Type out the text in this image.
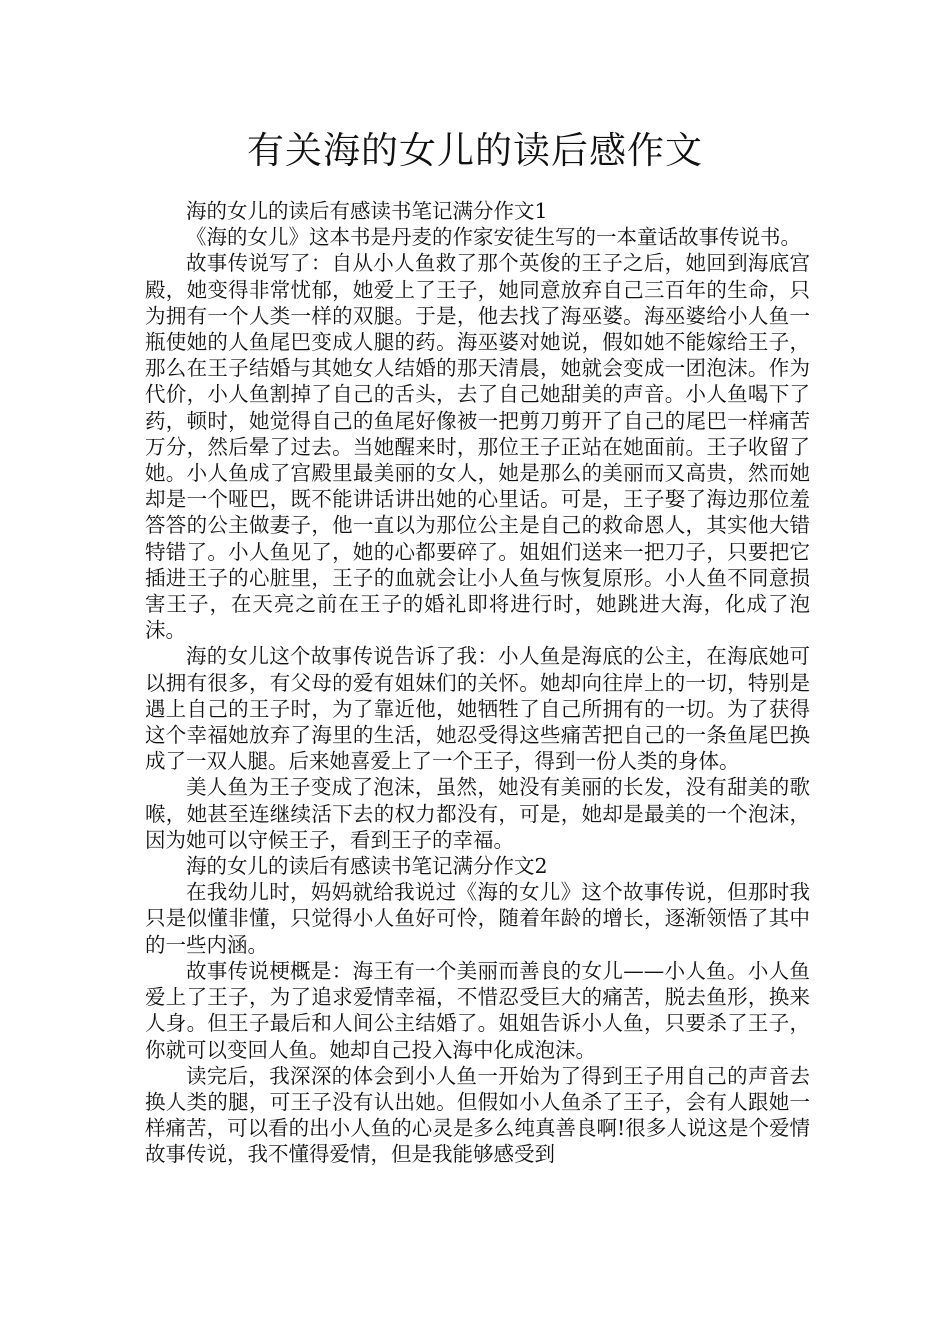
有关海的女儿的读后感作文

海的女儿的读后有感读书笔记满分作文1

《海的女儿》这本书是丹麦的作家安徒生写的一本童话故事传说书。

故事传说写了：自从小人鱼救了那个英俊的王子之后，她回到海底宫殿，她变得非常忧郁，她爱上了王子，她同意放弃自己三百年的生命，只为拥有一个人类一样的双腿。于是，他去找了海巫婆。海巫婆给小人鱼一瓶使她的人鱼尾巴变成人腿的药。海巫婆对她说，假如她不能嫁给王子，那么在王子结婚与其她女人结婚的那天清晨，她就会变成一团泡沫。作为代价，小人鱼割掉了自己的舌头，去了自己她甜美的声音。小人鱼喝下了药，顿时，她觉得自己的鱼尾好像被一把剪刀剪开了自己的尾巴一样痛苦万分，然后晕了过去。当她醒来时，那位王子正站在她面前。王子收留了她。小人鱼成了宫殿里最美丽的女人，她是那么的美丽而又高贵，然而她却是一个哑巴，既不能讲话讲出她的心里话。可是，王子娶了海边那位羞答答的公主做妻子，他一直以为那位公主是自己的救命恩人，其实他大错特错了。小人鱼见了，她的心都要碎了。姐姐们送来一把刀子，只要把它插进王子的心脏里，王子的血就会让小人鱼与恢复原形。小人鱼不同意损害王子，在天亮之前在王子的婚礼即将进行时，她跳进大海，化成了泡沫。

海的女儿这个故事传说告诉了我：小人鱼是海底的公主，在海底她可以拥有很多，有父母的爱有姐妹们的关怀。她却向往岸上的一切，特别是遇上自己的王子时，为了靠近他，她牺牲了自己所拥有的一切。为了获得这个幸福她放弃了海里的生活，她忍受得这些痛苦把自己的一条鱼尾巴换成了一双人腿。后来她喜爱上了一个王子，得到一份人类的身体。

美人鱼为王子变成了泡沫，虽然，她没有美丽的长发，没有甜美的歌喉，她甚至连继续活下去的权力都没有，可是，她却是最美的一个泡沫，因为她可以守候王子，看到王子的幸福。

海的女儿的读后有感读书笔记满分作文2

在我幼儿时，妈妈就给我说过《海的女儿》这个故事传说，但那时我只是似懂非懂，只觉得小人鱼好可怜，随着年龄的增长，逐渐领悟了其中的一些内涵。

故事传说梗概是：海王有一个美丽而善良的女儿——小人鱼。小人鱼爱上了王子，为了追求爱情幸福，不惜忍受巨大的痛苦，脱去鱼形，换来人身。但王子最后和人间公主结婚了。姐姐告诉小人鱼，只要杀了王子，你就可以变回人鱼。她却自己投入海中化成泡沫。

读完后，我深深的体会到小人鱼一开始为了得到王子用自己的声音去换人类的腿，可王子没有认出她。但假如小人鱼杀了王子，会有人跟她一样痛苦，可以看的出小人鱼的心灵是多么纯真善良啊!很多人说这是个爱情故事传说，我不懂得爱情，但是我能够感受到
